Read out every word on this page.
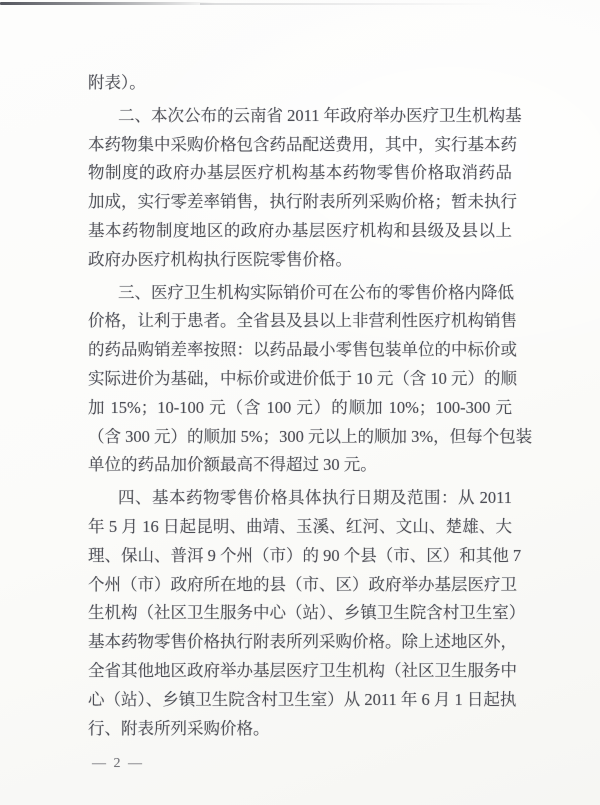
附表）。

二、本次公布的云南省 2011 年政府举办医疗卫生机构基
本药物集中采购价格包含药品配送费用，其中，实行基本药
物制度的政府办基层医疗机构基本药物零售价格取消药品
加成，实行零差率销售，执行附表所列采购价格；暂未执行
基本药物制度地区的政府办基层医疗机构和县级及县以上
政府办医疗机构执行医院零售价格。

三、医疗卫生机构实际销价可在公布的零售价格内降低
价格，让利于患者。全省县及县以上非营利性医疗机构销售
的药品购销差率按照：以药品最小零售包装单位的中标价或
实际进价为基础，中标价或进价低于 10 元（含 10 元）的顺
加 15%；10-100 元（含 100 元）的顺加 10%；100-300 元
（含 300 元）的顺加 5%；300 元以上的顺加 3%，但每个包装
单位的药品加价额最高不得超过 30 元。

四、基本药物零售价格具体执行日期及范围：从 2011
年 5 月 16 日起昆明、曲靖、玉溪、红河、文山、楚雄、大
理、保山、普洱 9 个州（市）的 90 个县（市、区）和其他 7
个州（市）政府所在地的县（市、区）政府举办基层医疗卫
生机构（社区卫生服务中心（站）、乡镇卫生院含村卫生室）
基本药物零售价格执行附表所列采购价格。除上述地区外，
全省其他地区政府举办基层医疗卫生机构（社区卫生服务中
心（站）、乡镇卫生院含村卫生室）从 2011 年 6 月 1 日起执
行、附表所列采购价格。

— 2 —
